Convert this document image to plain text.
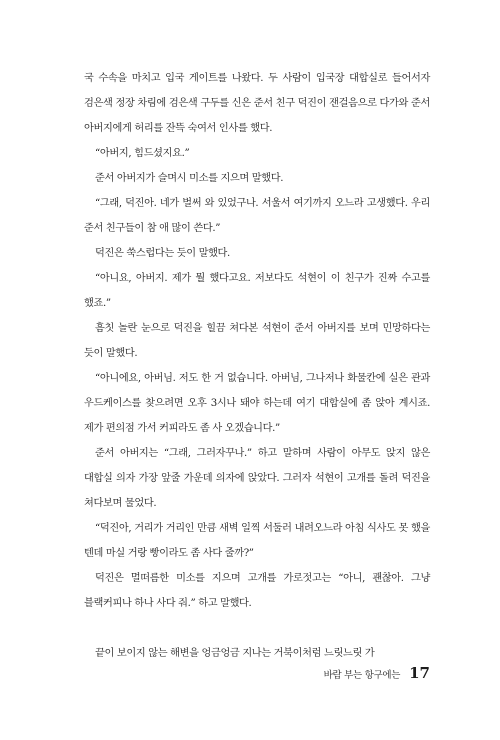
국 수속을 마치고 입국 게이트를 나왔다. 두 사람이 입국장 대합실로 들어서자 검은색 정장 차림에 검은색 구두를 신은 준서 친구 덕진이 잰걸음으로 다가와 준서 아버지에게 허리를 잔뜩 숙여서 인사를 했다.

“아버지, 힘드셨지요.”

준서 아버지가 슬며시 미소를 지으며 말했다.

“그래, 덕진아. 네가 벌써 와 있었구나. 서울서 여기까지 오느라 고생했다. 우리 준서 친구들이 참 애 많이 쓴다.”

덕진은 쑥스럽다는 듯이 말했다.

“아니요, 아버지. 제가 뭘 했다고요. 저보다도 석현이 이 친구가 진짜 수고를 했죠.”

흠칫 놀란 눈으로 덕진을 힐끔 쳐다본 석현이 준서 아버지를 보며 민망하다는 듯이 말했다.

“아니에요, 아버님. 저도 한 거 없습니다. 아버님, 그나저나 화물칸에 실은 관과 우드케이스를 찾으려면 오후 3시나 돼야 하는데 여기 대합실에 좀 앉아 계시죠. 제가 편의점 가서 커피라도 좀 사 오겠습니다.”

준서 아버지는 “그래, 그러자꾸나.” 하고 말하며 사람이 아무도 앉지 않은 대합실 의자 가장 앞줄 가운데 의자에 앉았다. 그러자 석현이 고개를 돌려 덕진을 쳐다보며 물었다.

“덕진아, 거리가 거리인 만큼 새벽 일찍 서둘러 내려오느라 아침 식사도 못 했을 텐데 마실 거랑 빵이라도 좀 사다 줄까?”

덕진은 멀떠름한 미소를 지으며 고개를 가로젓고는 “아니, 괜찮아. 그냥 블랙커피나 하나 사다 줘.” 하고 말했다.

끝이 보이지 않는 해변을 엉금엉금 지나는 거북이처럼 느릿느릿 가

바람 부는 항구에는 17
